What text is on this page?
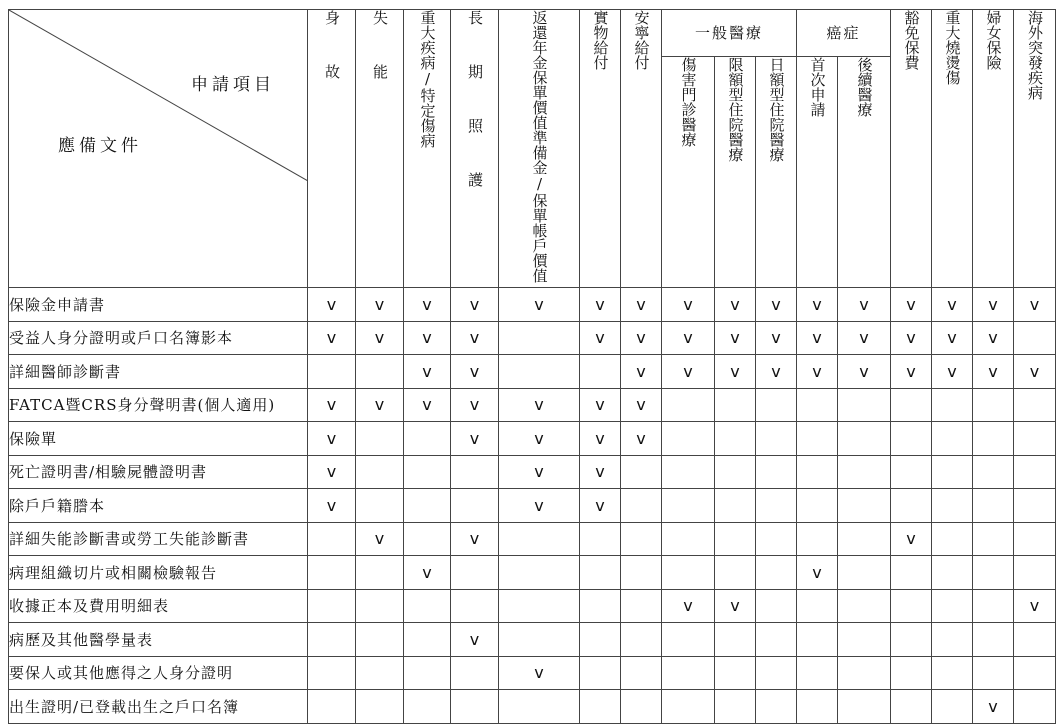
申請項目
應備文件	身故	失能	重大疾病/特定傷病	長期照護	返還年金保單價值準備金/保單帳戶價值	實物給付	安寧給付	一般醫療			癌症		豁免保費	重大燒燙傷	婦女保險	海外突發疾病
								傷害門診醫療	限額型住院醫療	日額型住院醫療	首次申請	後續醫療				
保險金申請書	v	v	v	v	v	v	v	v	v	v	v	v	v	v	v	v
受益人身分證明或戶口名簿影本	v	v	v	v		v	v	v	v	v	v	v	v	v	v	
詳細醫師診斷書			v	v			v	v	v	v	v	v	v	v	v	v
FATCA暨CRS身分聲明書(個人適用)	v	v	v	v	v	v	v									
保險單	v			v	v	v	v									
死亡證明書/相驗屍體證明書	v				v	v										
除戶戶籍謄本	v				v	v										
詳細失能診斷書或勞工失能診斷書		v		v									v			
病理組織切片或相關檢驗報告			v								v					
收據正本及費用明細表								v	v							v
病歷及其他醫學量表				v												
要保人或其他應得之人身分證明					v											
出生證明/已登載出生之戶口名簿															v	
